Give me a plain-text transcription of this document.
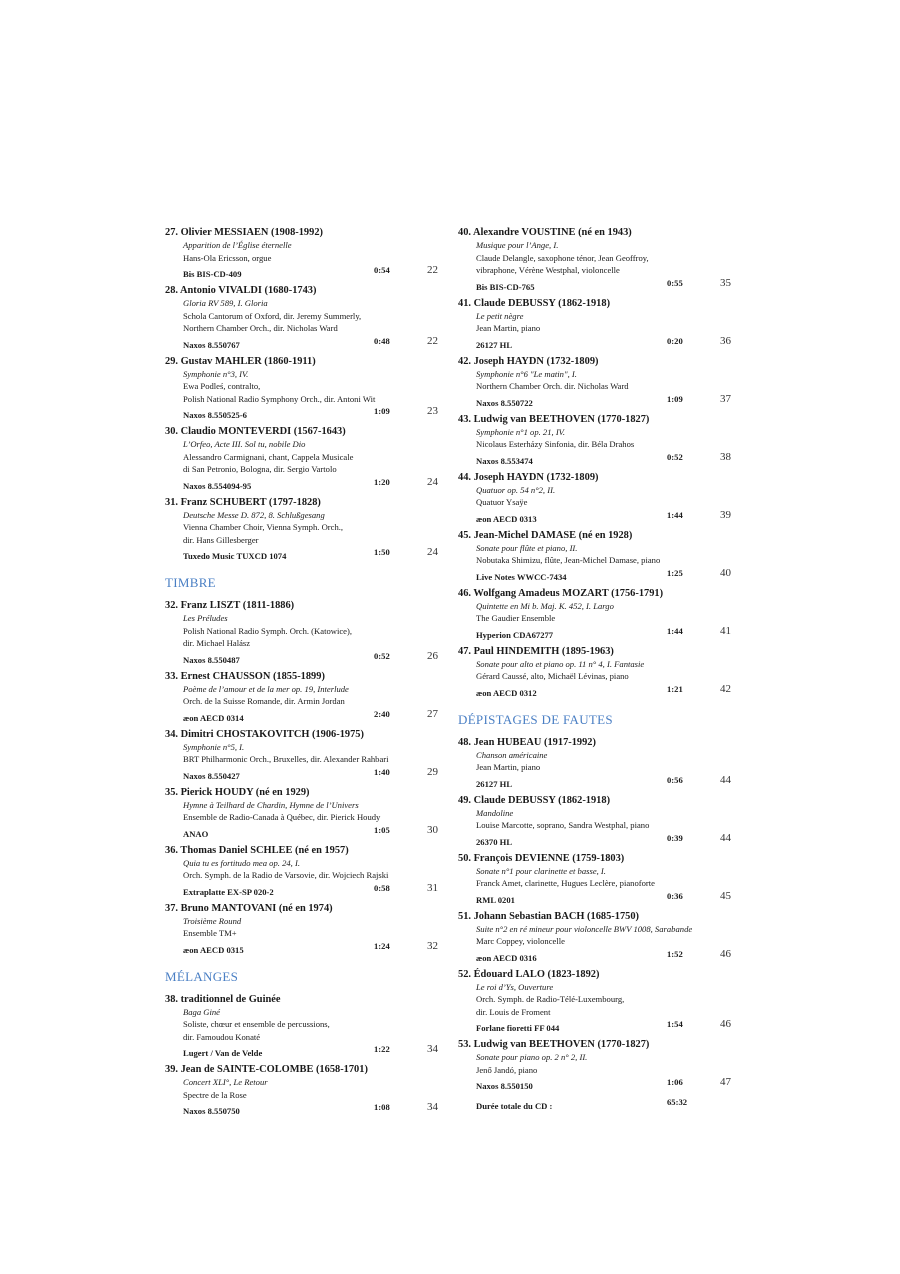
27. Olivier MESSIAEN (1908-1992)
Apparition de l’Église éternelle
Hans-Ola Ericsson, orgue
Bis BIS-CD-409	0:54	22
28. Antonio VIVALDI (1680-1743)
Gloria RV 589, I. Gloria
Schola Cantorum of Oxford, dir. Jeremy Summerly,
Northern Chamber Orch., dir. Nicholas Ward
Naxos 8.550767	0:48	22
29. Gustav MAHLER (1860-1911)
Symphonie n°3, IV.
Ewa Podleś, contralto,
Polish National Radio Symphony Orch., dir. Antoni Wit
Naxos 8.550525-6	1:09	23
30. Claudio MONTEVERDI (1567-1643)
L’Orfeo, Acte III. Sol tu, nobile Dio
Alessandro Carmignani, chant, Cappela Musicale
di San Petronio, Bologna, dir. Sergio Vartolo
Naxos 8.554094-95	1:20	24
31. Franz SCHUBERT (1797-1828)
Deutsche Messe D. 872, 8. Schlußgesang
Vienna Chamber Choir, Vienna Symph. Orch.,
dir. Hans Gillesberger
Tuxedo Music TUXCD 1074	1:50	24
TIMBRE
32. Franz LISZT (1811-1886)
Les Préludes
Polish National Radio Symph. Orch. (Katowice),
dir. Michael Halász
Naxos 8.550487	0:52	26
33. Ernest CHAUSSON (1855-1899)
Poème de l’amour et de la mer op. 19, Interlude
Orch. de la Suisse Romande, dir. Armin Jordan
æon AECD 0314	2:40	27
34. Dimitri CHOSTAKOVITCH (1906-1975)
Symphonie n°5, I.
BRT Philharmonic Orch., Bruxelles, dir. Alexander Rahbari
Naxos 8.550427	1:40	29
35. Pierick HOUDY (né en 1929)
Hymne à Teilhard de Chardin, Hymne de l’Univers
Ensemble de Radio-Canada à Québec, dir. Pierick Houdy
ANAO	1:05	30
36. Thomas Daniel SCHLEE (né en 1957)
Quia tu es fortitudo mea op. 24, I.
Orch. Symph. de la Radio de Varsovie, dir. Wojciech Rajski
Extraplatte EX-SP 020-2	0:58	31
37. Bruno MANTOVANI (né en 1974)
Troisième Round
Ensemble TM+
æon AECD 0315	1:24	32
MÉLANGES
38. traditionnel de Guinée
Baga Giné
Soliste, chœur et ensemble de percussions,
dir. Famoudou Konaté
Lugert / Van de Velde	1:22	34
39. Jean de SAINTE-COLOMBE (1658-1701)
Concert XLI°, Le Retour
Spectre de la Rose
Naxos 8.550750	1:08	34
40. Alexandre VOUSTINE (né en 1943)
Musique pour l’Ange, I.
Claude Delangle, saxophone ténor, Jean Geoffroy,
vibraphone, Vérène Westphal, violoncelle
Bis BIS-CD-765	0:55	35
41. Claude DEBUSSY (1862-1918)
Le petit nègre
Jean Martin, piano
26127 HL	0:20	36
42. Joseph HAYDN (1732-1809)
Symphonie n°6 "Le matin", I.
Northern Chamber Orch. dir. Nicholas Ward
Naxos 8.550722	1:09	37
43. Ludwig van BEETHOVEN (1770-1827)
Symphonie n°1 op. 21, IV.
Nicolaus Esterházy Sinfonia, dir. Béla Drahos
Naxos 8.553474	0:52	38
44. Joseph HAYDN (1732-1809)
Quatuor op. 54 n°2, II.
Quatuor Ysaÿe
æon AECD 0313	1:44	39
45. Jean-Michel DAMASE (né en 1928)
Sonate pour flûte et piano, II.
Nobutaka Shimizu, flûte, Jean-Michel Damase, piano
Live Notes WWCC-7434	1:25	40
46. Wolfgang Amadeus MOZART (1756-1791)
Quintette en Mi b. Maj. K. 452, I. Largo
The Gaudier Ensemble
Hyperion CDA67277	1:44	41
47. Paul HINDEMITH (1895-1963)
Sonate pour alto et piano op. 11 n° 4, I. Fantasie
Gérard Caussé, alto, Michaël Lévinas, piano
æon AECD 0312	1:21	42
DÉPISTAGES DE FAUTES
48. Jean HUBEAU (1917-1992)
Chanson américaine
Jean Martin, piano
26127 HL	0:56	44
49. Claude DEBUSSY (1862-1918)
Mandoline
Louise Marcotte, soprano, Sandra Westphal, piano
26370 HL	0:39	44
50. François DEVIENNE (1759-1803)
Sonate n°1 pour clarinette et basse, I.
Franck Amet, clarinette, Hugues Leclère, pianoforte
RML 0201	0:36	45
51. Johann Sebastian BACH (1685-1750)
Suite n°2 en ré mineur pour violoncelle BWV 1008, Sarabande
Marc Coppey, violoncelle
æon AECD 0316	1:52	46
52. Édouard LALO (1823-1892)
Le roi d’Ys, Ouverture
Orch. Symph. de Radio-Télé-Luxembourg,
dir. Louis de Froment
Forlane fioretti FF 044	1:54	46
53. Ludwig van BEETHOVEN (1770-1827)
Sonate pour piano op. 2 n° 2, II.
Jenő Jandó, piano
Naxos 8.550150	1:06	47
Durée totale du CD :	65:32
